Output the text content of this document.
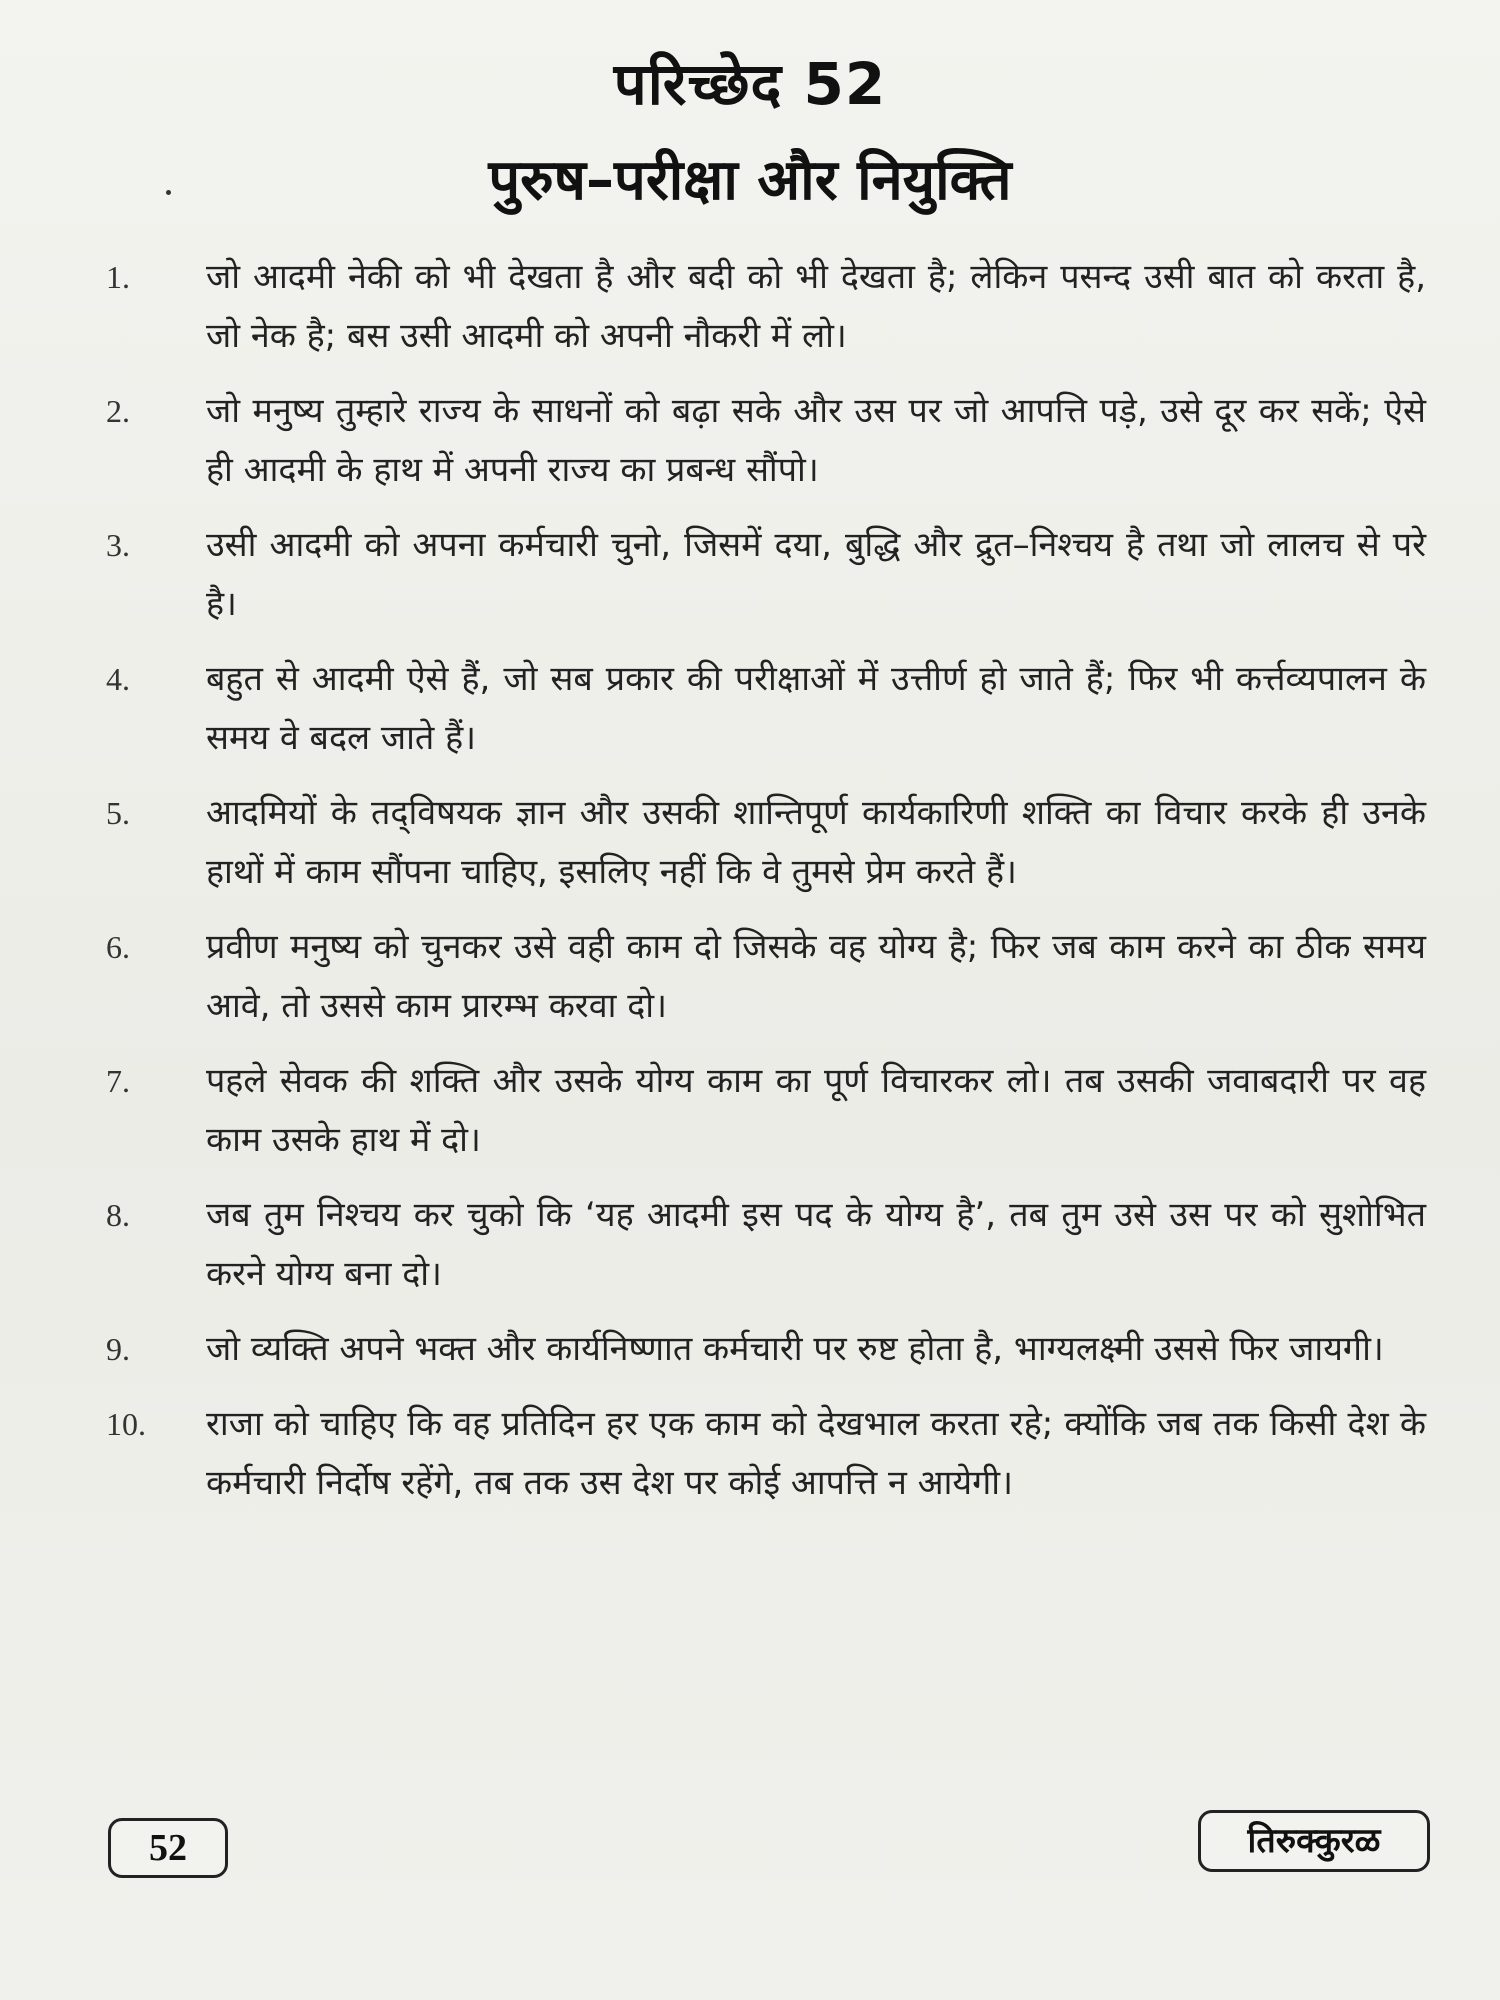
परिच्छेद 52
पुरुष–परीक्षा और नियुक्ति
1.	जो आदमी नेकी को भी देखता है और बदी को भी देखता है; लेकिन पसन्द उसी बात को करता है, जो नेक है; बस उसी आदमी को अपनी नौकरी में लो।
2.	जो मनुष्य तुम्हारे राज्य के साधनों को बढ़ा सके और उस पर जो आपत्ति पड़े, उसे दूर कर सकें; ऐसे ही आदमी के हाथ में अपनी राज्य का प्रबन्ध सौंपो।
3.	उसी आदमी को अपना कर्मचारी चुनो, जिसमें दया, बुद्धि और द्रुत–निश्चय है तथा जो लालच से परे है।
4.	बहुत से आदमी ऐसे हैं, जो सब प्रकार की परीक्षाओं में उत्तीर्ण हो जाते हैं; फिर भी कर्त्तव्यपालन के समय वे बदल जाते हैं।
5.	आदमियों के तद्‌विषयक ज्ञान और उसकी शान्तिपूर्ण कार्यकारिणी शक्ति का विचार करके ही उनके हाथों में काम सौंपना चाहिए, इसलिए नहीं कि वे तुमसे प्रेम करते हैं।
6.	प्रवीण मनुष्य को चुनकर उसे वही काम दो जिसके वह योग्य है; फिर जब काम करने का ठीक समय आवे, तो उससे काम प्रारम्भ करवा दो।
7.	पहले सेवक की शक्ति और उसके योग्य काम का पूर्ण विचारकर लो। तब उसकी जवाबदारी पर वह काम उसके हाथ में दो।
8.	जब तुम निश्चय कर चुको कि ‘यह आदमी इस पद के योग्य है’, तब तुम उसे उस पर को सुशोभित करने योग्य बना दो।
9.	जो व्यक्ति अपने भक्त और कार्यनिष्णात कर्मचारी पर रुष्ट होता है, भाग्यलक्ष्मी उससे फिर जायगी।
10.	राजा को चाहिए कि वह प्रतिदिन हर एक काम को देखभाल करता रहे; क्योंकि जब तक किसी देश के कर्मचारी निर्दोष रहेंगे, तब तक उस देश पर कोई आपत्ति न आयेगी।
52	तिरुक्कुरळ
